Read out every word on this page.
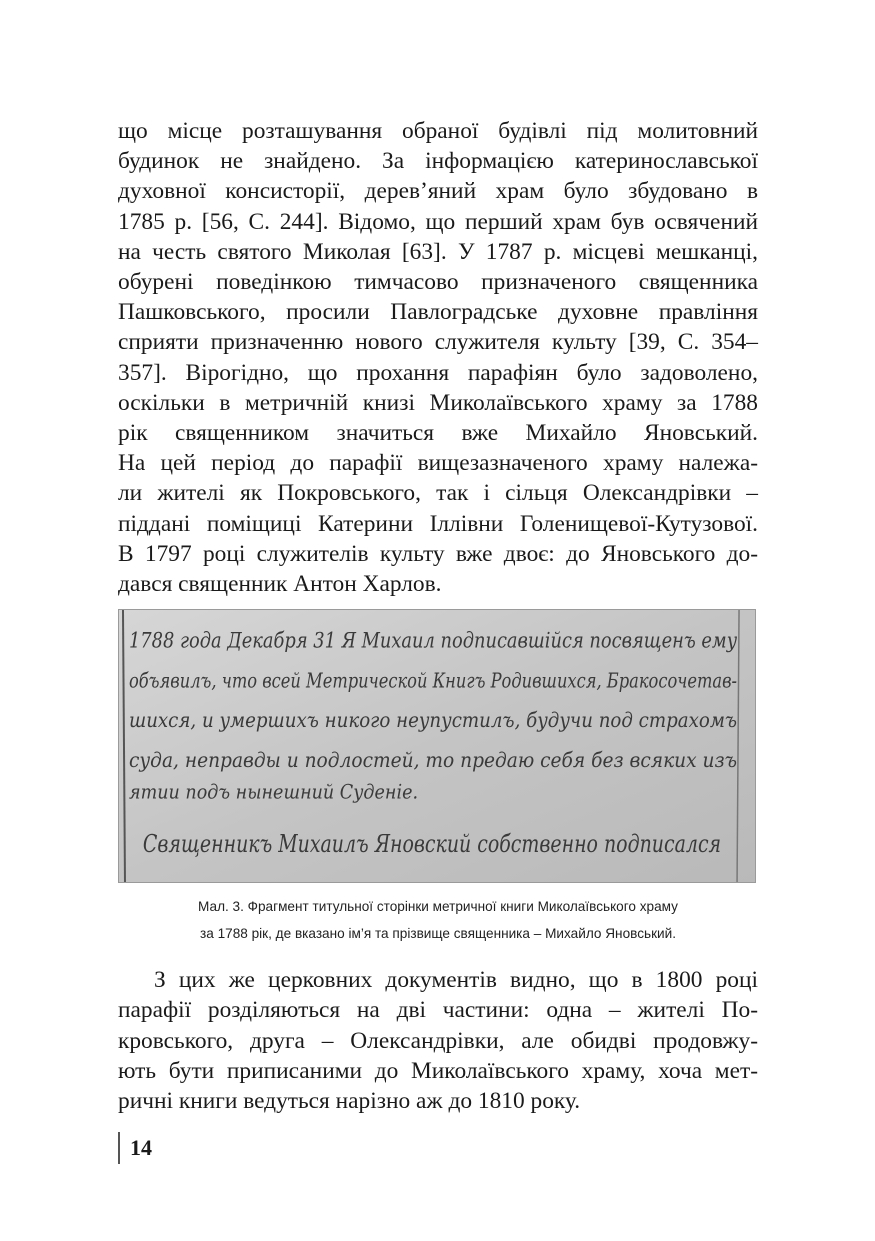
що місце розташування обраної будівлі під молитовний
будинок не знайдено. За інформацією катеринославської
духовної консисторії, дерев’яний храм було збудовано в
1785 р. [56, С. 244]. Відомо, що перший храм був освячений
на честь святого Миколая [63]. У 1787 р. місцеві мешканці,
обурені поведінкою тимчасово призначеного священника
Пашковського, просили Павлоградське духовне правління
сприяти призначенню нового служителя культу [39, С. 354–
357]. Вірогідно, що прохання парафіян було задоволено,
оскільки в метричній книзі Миколаївського храму за 1788
рік священником значиться вже Михайло Яновський.
На цей період до парафії вищезазначеного храму належа-
ли жителі як Покровського, так і сільця Олександрівки –
піддані поміщиці Катерини Іллівни Голенищевої-Кутузової.
В 1797 році служителів культу вже двоє: до Яновського до-
дався священник Антон Харлов.
1788 года Декабря 31 Я Михаил подписавшійся посвященъ ему
объявилъ, что всей Метрической Книгъ Родившихся, Бракосочетав-
шихся, и умершихъ никого неупустилъ, будучи под страхомъ
суда, неправды и подлостей, то предаю себя без всяких изъ
ятии подъ нынешний Суденіе.
Священникъ Михаилъ Яновский собственно подписался
Мал. 3. Фрагмент титульної сторінки метричної книги Миколаївського храму
за 1788 рік, де вказано ім’я та прізвище священника – Михайло Яновський.
З цих же церковних документів видно, що в 1800 році
парафії розділяються на дві частини: одна – жителі По-
кровського, друга – Олександрівки, але обидві продовжу-
ють бути приписаними до Миколаївського храму, хоча мет-
ричні книги ведуться нарізно аж до 1810 року.
14
